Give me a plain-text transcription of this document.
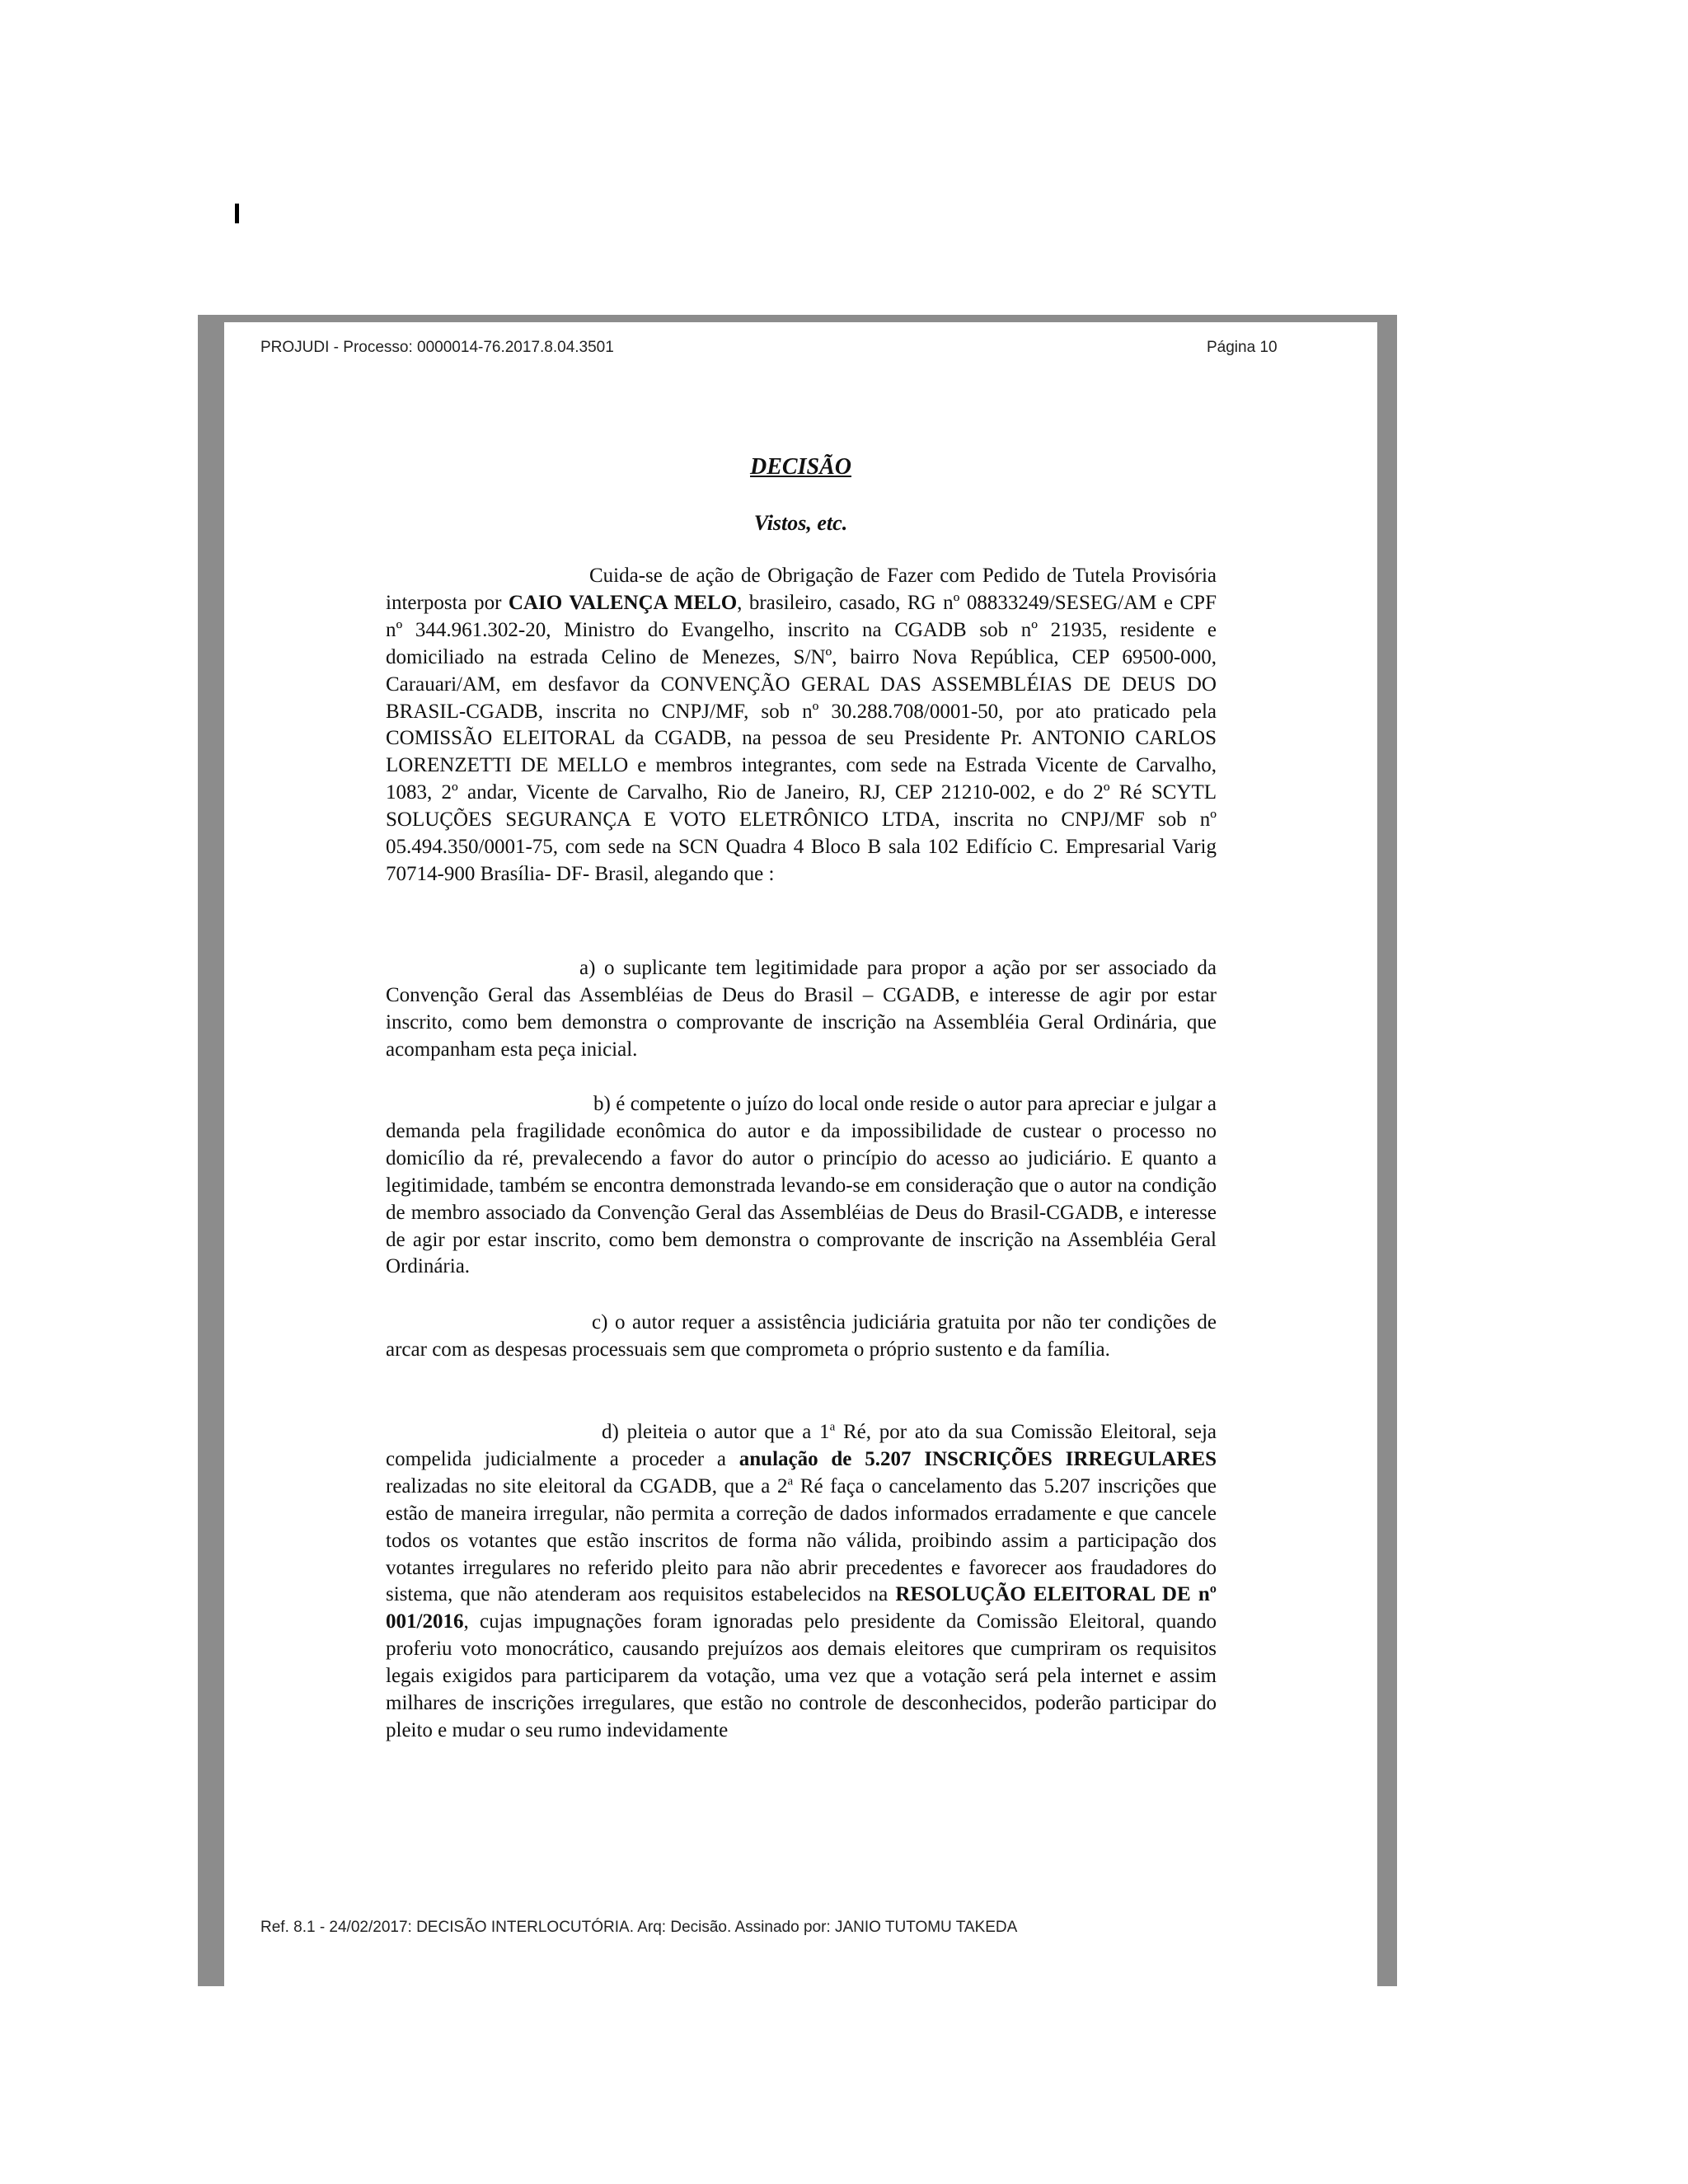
PROJUDI - Processo: 0000014-76.2017.8.04.3501	Página 10
DECISÃO
Vistos, etc.

Cuida-se de ação de Obrigação de Fazer com Pedido de Tutela Provisória interposta por CAIO VALENÇA MELO, brasileiro, casado, RG nº 08833249/SESEG/AM e CPF nº 344.961.302-20, Ministro do Evangelho, inscrito na CGADB sob nº 21935, residente e domiciliado na estrada Celino de Menezes, S/Nº, bairro Nova República, CEP 69500-000, Carauari/AM, em desfavor da CONVENÇÃO GERAL DAS ASSEMBLÉIAS DE DEUS DO BRASIL-CGADB, inscrita no CNPJ/MF, sob nº 30.288.708/0001-50, por ato praticado pela COMISSÃO ELEITORAL da CGADB, na pessoa de seu Presidente Pr. ANTONIO CARLOS LORENZETTI DE MELLO e membros integrantes, com sede na Estrada Vicente de Carvalho, 1083, 2º andar, Vicente de Carvalho, Rio de Janeiro, RJ, CEP 21210-002, e do 2º Ré SCYTL SOLUÇÕES SEGURANÇA E VOTO ELETRÔNICO LTDA, inscrita no CNPJ/MF sob nº 05.494.350/0001-75, com sede na SCN Quadra 4 Bloco B sala 102 Edifício C. Empresarial Varig 70714-900 Brasília- DF- Brasil, alegando que :

a) o suplicante tem legitimidade para propor a ação por ser associado da Convenção Geral das Assembléias de Deus do Brasil – CGADB, e interesse de agir por estar inscrito, como bem demonstra o comprovante de inscrição na Assembléia Geral Ordinária, que acompanham esta peça inicial.

b) é competente o juízo do local onde reside o autor para apreciar e julgar a demanda pela fragilidade econômica do autor e da impossibilidade de custear o processo no domicílio da ré, prevalecendo a favor do autor o princípio do acesso ao judiciário. E quanto a legitimidade, também se encontra demonstrada levando-se em consideração que o autor na condição de membro associado da Convenção Geral das Assembléias de Deus do Brasil-CGADB, e interesse de agir por estar inscrito, como bem demonstra o comprovante de inscrição na Assembléia Geral Ordinária.

c) o autor requer a assistência judiciária gratuita por não ter condições de arcar com as despesas processuais sem que comprometa o próprio sustento e da família.

d) pleiteia o autor que a 1$^a$ Ré, por ato da sua Comissão Eleitoral, seja compelida judicialmente a proceder a anulação de 5.207 INSCRIÇÕES IRREGULARES realizadas no site eleitoral da CGADB, que a 2$^a$ Ré faça o cancelamento das 5.207 inscrições que estão de maneira irregular, não permita a correção de dados informados erradamente e que cancele todos os votantes que estão inscritos de forma não válida, proibindo assim a participação dos votantes irregulares no referido pleito para não abrir precedentes e favorecer aos fraudadores do sistema, que não atenderam aos requisitos estabelecidos na RESOLUÇÃO ELEITORAL DE nº 001/2016, cujas impugnações foram ignoradas pelo presidente da Comissão Eleitoral, quando proferiu voto monocrático, causando prejuízos aos demais eleitores que cumpriram os requisitos legais exigidos para participarem da votação, uma vez que a votação será pela internet e assim milhares de inscrições irregulares, que estão no controle de desconhecidos, poderão participar do pleito e mudar o seu rumo indevidamente

Ref. 8.1 - 24/02/2017: DECISÃO INTERLOCUTÓRIA. Arq: Decisão. Assinado por: JANIO TUTOMU TAKEDA
